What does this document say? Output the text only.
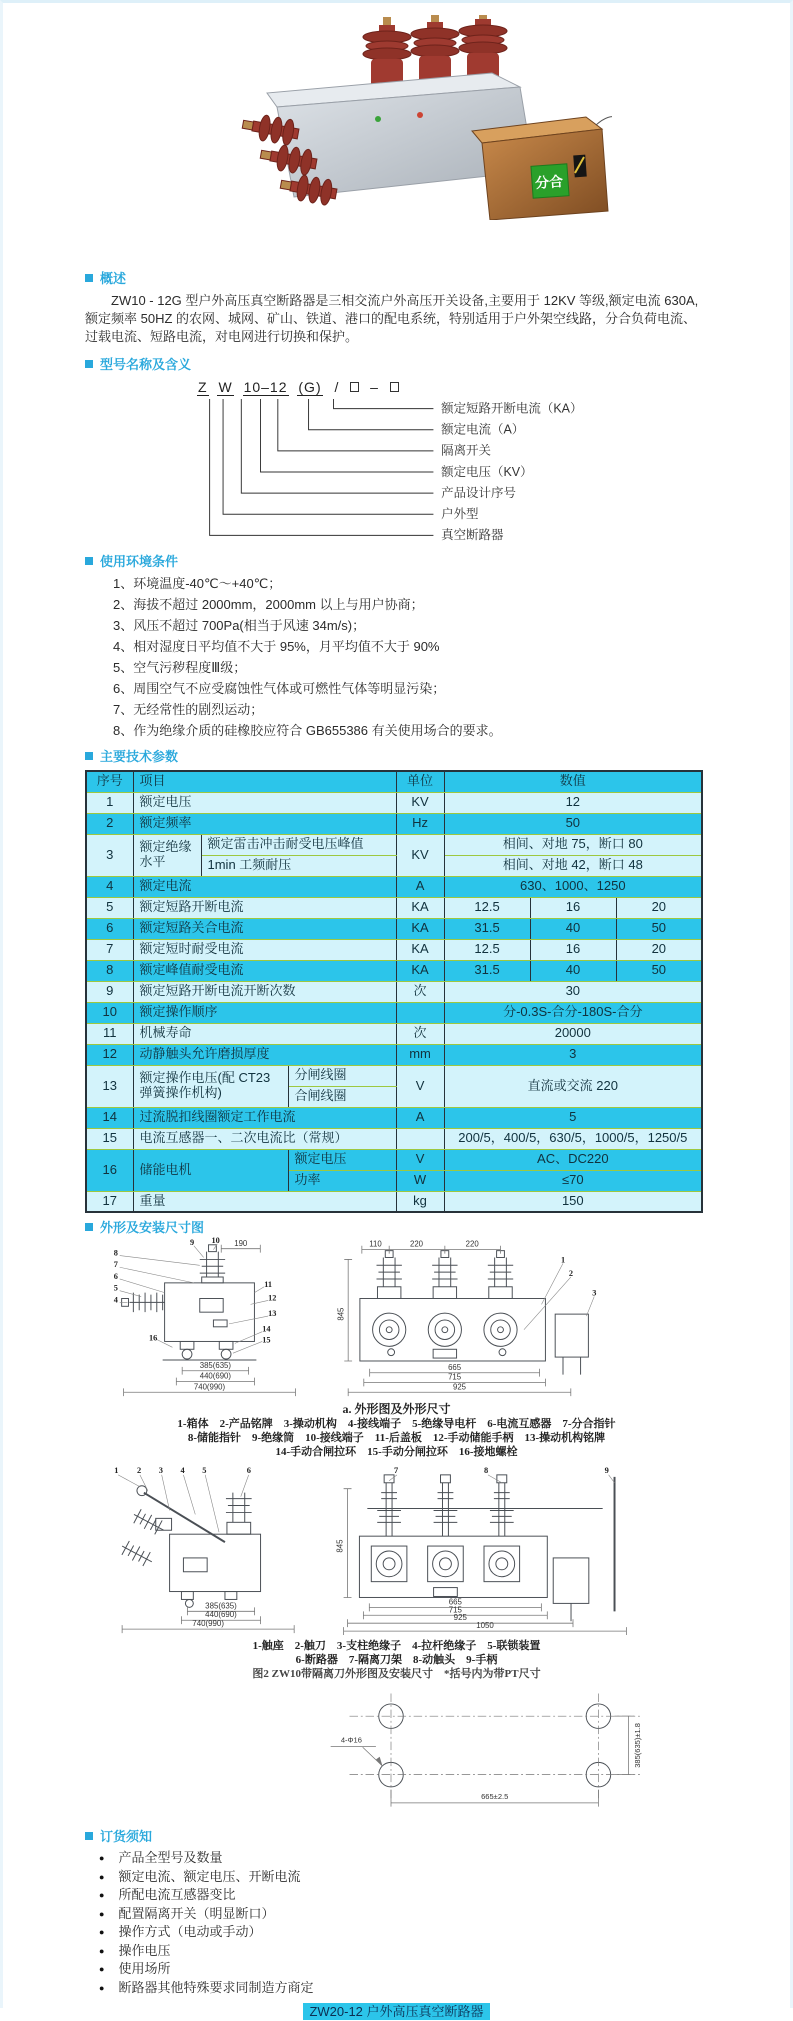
分合
概述

ZW10 - 12G 型户外高压真空断路器是三相交流户外高压开关设备,主要用于 12KV 等级,额定电流 630A,额定频率 50HZ 的农网、城网、矿山、铁道、港口的配电系统，特别适用于户外架空线路，分合负荷电流、过载电流、短路电流，对电网进行切换和保护。

型号名称及含义
Z W 10–12 (G) / –
额定短路开断电流（KA）
额定电流（A）
隔离开关
额定电压（KV）
产品设计序号
户外型
真空断路器
使用环境条件
1、环境温度-40℃～+40℃；
2、海拔不超过 2000mm，2000mm 以上与用户协商；
3、风压不超过 700Pa(相当于风速 34m/s)；
4、相对湿度日平均值不大于 95%，月平均值不大于 90%
5、空气污秽程度Ⅲ级；
6、周围空气不应受腐蚀性气体或可燃性气体等明显污染；
7、无经常性的剧烈运动；
8、作为绝缘介质的硅橡胶应符合 GB655386 有关使用场合的要求。
主要技术参数
序号	项目			单位	数值		
1	额定电压			KV	12		
2	额定频率			Hz	50		
3	额定绝缘水平	额定雷击冲击耐受电压峰值		KV	相间、对地 75，断口 80		
		1min 工频耐压			相间、对地 42，断口 48		
4	额定电流			A	630、1000、1250		
5	额定短路开断电流			KA	12.5	16	20
6	额定短路关合电流			KA	31.5	40	50
7	额定短时耐受电流			KA	12.5	16	20
8	额定峰值耐受电流			KA	31.5	40	50
9	额定短路开断电流开断次数			次	30		
10	额定操作顺序				分-0.3S-合分-180S-合分		
11	机械寿命			次	20000		
12	动静触头允许磨损厚度			mm	3		
13	额定操作电压(配 CT23 弹簧操作机构)		分闸线圈	V	直流或交流 220		
			合闸线圈				
14	过流脱扣线圈额定工作电流			A	5		
15	电流互感器一、二次电流比（常规）				200/5，400/5，630/5，1000/5，1250/5		
16	储能电机		额定电压	V	AC、DC220		
			功率	W	≤70		
17	重量			kg	150		
外形及安装尺寸图
190
385(635)
440(690)
740(990)
110	220	220
845
665
715
925
8
7
6
5
4
9 10
11
12
13
14
15
16
1
2
3
a. 外形图及外形尺寸
1-箱体　2-产品铭牌　3-操动机构　4-接线端子　5-绝缘导电杆　6-电流互感器　7-分合指针
8-储能指针　9-绝缘筒　10-接线端子　11-后盖板　12-手动储能手柄　13-操动机构铭牌
14-手动合闸拉环　15-手动分闸拉环　16-接地螺栓
385(635)
440(690)
740(990)
845
665
715
925
1050
1 2 3 4 5	6	7	8	9
1-触座　2-触刀　3-支柱绝缘子　4-拉杆绝缘子　5-联锁装置
6-断路器　7-隔离刀架　8-动触头　9-手柄
图2 ZW10带隔离刀外形图及安装尺寸　*括号内为带PT尺寸
4-Φ16
665±2.5
385(635)±1.8
订货须知
● 产品全型号及数量
● 额定电流、额定电压、开断电流
● 所配电流互感器变比
● 配置隔离开关（明显断口）
● 操作方式（电动或手动）
● 操作电压
● 使用场所
● 断路器其他特殊要求同制造方商定
ZW20-12 户外高压真空断路器
